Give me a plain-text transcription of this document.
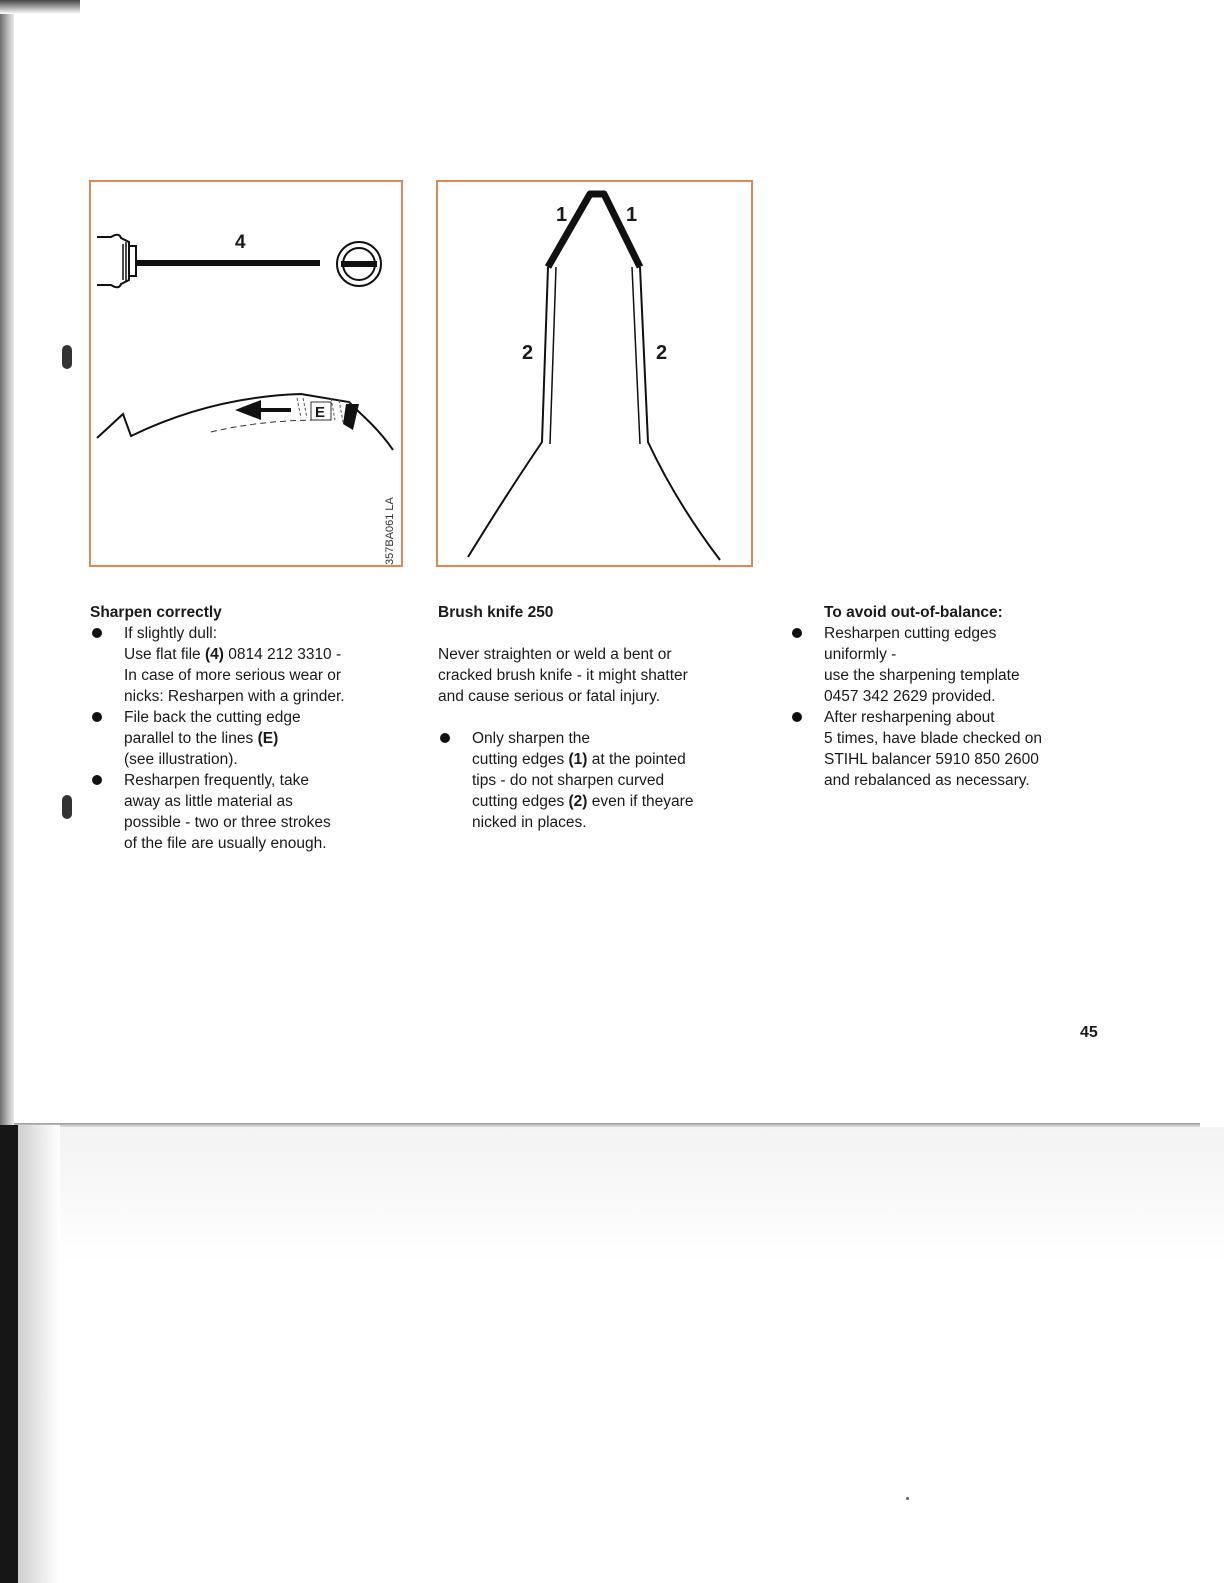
4
E
357BA061 LA
1	1
2	2

Sharpen correctly

If slightly dull:

Use flat file (4) 0814 212 3310 -

In case of more serious wear or

nicks: Resharpen with a grinder.

File back the cutting edge

parallel to the lines (E)

(see illustration).

Resharpen frequently, take

away as little material as

possible - two or three strokes

of the file are usually enough.

Brush knife 250

Never straighten or weld a bent or

cracked brush knife - it might shatter

and cause serious or fatal injury.

Only sharpen the

cutting edges (1) at the pointed

tips - do not sharpen curved

cutting edges (2) even if theyare

nicked in places.

To avoid out-of-balance:

Resharpen cutting edges

uniformly -

use the sharpening template

0457 342 2629 provided.

After resharpening about

5 times, have blade checked on

STIHL balancer 5910 850 2600

and rebalanced as necessary.

45
